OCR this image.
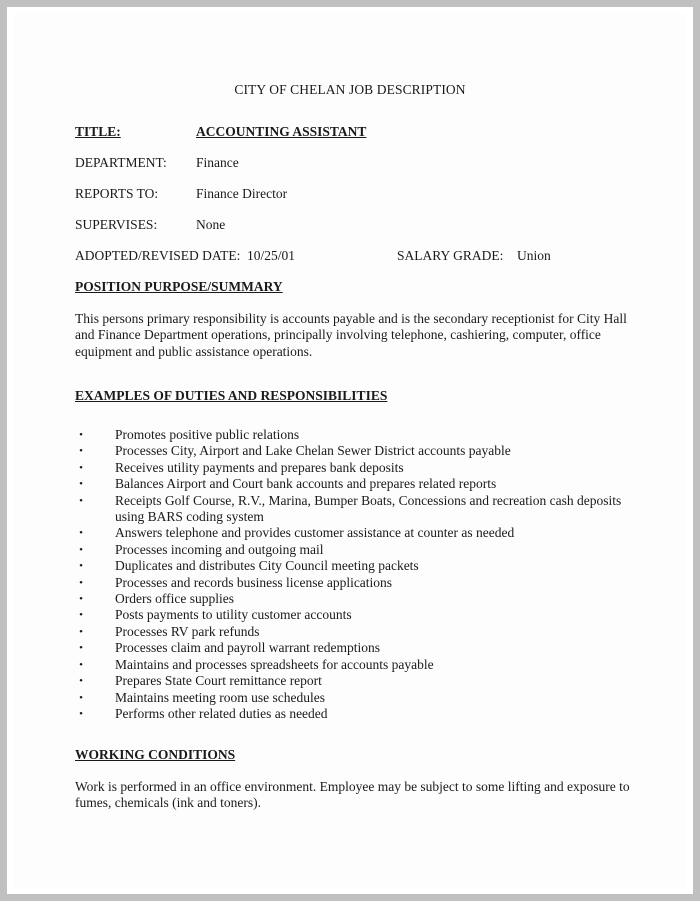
CITY OF CHELAN JOB DESCRIPTION
TITLE:	ACCOUNTING ASSISTANT
DEPARTMENT: Finance
REPORTS TO:	Finance Director
SUPERVISES:	None
ADOPTED/REVISED DATE: 10/25/01	SALARY GRADE: Union
POSITION PURPOSE/SUMMARY
This persons primary responsibility is accounts payable and is the secondary receptionist for City Hall and Finance Department operations, principally involving telephone, cashiering, computer, office equipment and public assistance operations.
EXAMPLES OF DUTIES AND RESPONSIBILITIES
•	Promotes positive public relations
•	Processes City, Airport and Lake Chelan Sewer District accounts payable
•	Receives utility payments and prepares bank deposits
•	Balances Airport and Court bank accounts and prepares related reports
•	Receipts Golf Course, R.V., Marina, Bumper Boats, Concessions and recreation cash deposits using BARS coding system
•	Answers telephone and provides customer assistance at counter as needed
•	Processes incoming and outgoing mail
•	Duplicates and distributes City Council meeting packets
•	Processes and records business license applications
•	Orders office supplies
•	Posts payments to utility customer accounts
•	Processes RV park refunds
•	Processes claim and payroll warrant redemptions
•	Maintains and processes spreadsheets for accounts payable
•	Prepares State Court remittance report
•	Maintains meeting room use schedules
•	Performs other related duties as needed
WORKING CONDITIONS
Work is performed in an office environment. Employee may be subject to some lifting and exposure to fumes, chemicals (ink and toners).
